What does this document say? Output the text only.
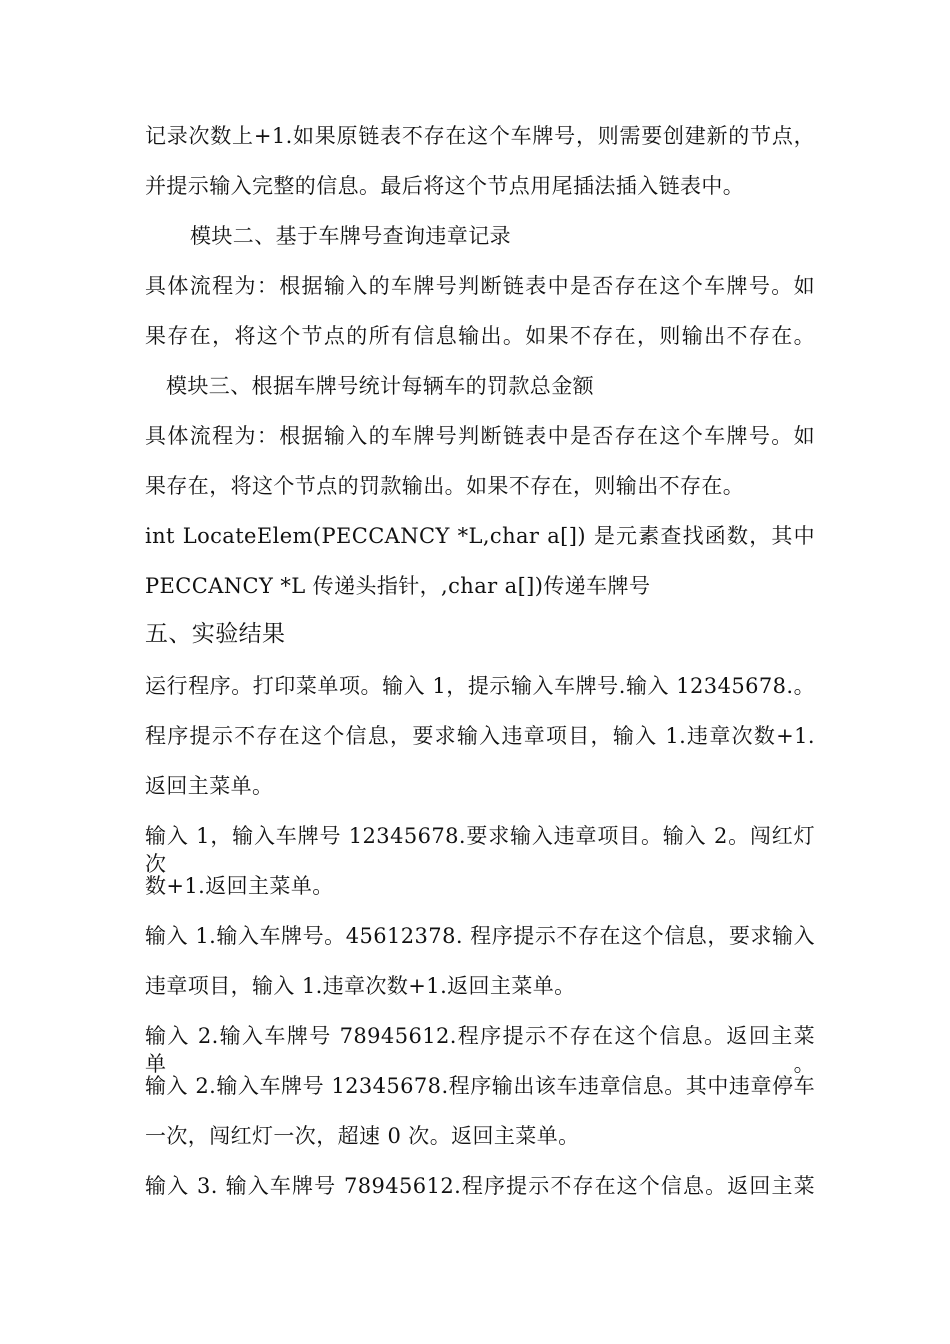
记录次数上+1.如果原链表不存在这个车牌号，则需要创建新的节点，
并提示输入完整的信息。最后将这个节点用尾插法插入链表中。
模块二、基于车牌号查询违章记录
具体流程为：根据输入的车牌号判断链表中是否存在这个车牌号。如
果存在，将这个节点的所有信息输出。如果不存在，则输出不存在。
模块三、根据车牌号统计每辆车的罚款总金额
具体流程为：根据输入的车牌号判断链表中是否存在这个车牌号。如
果存在，将这个节点的罚款输出。如果不存在，则输出不存在。
int LocateElem(PECCANCY *L,char a[]) 是元素查找函数，其中
PECCANCY *L 传递头指针，,char a[])传递车牌号
五、实验结果
运行程序。打印菜单项。输入 1，提示输入车牌号.输入 12345678.。
程序提示不存在这个信息，要求输入违章项目，输入 1.违章次数+1.
返回主菜单。
输入 1，输入车牌号 12345678.要求输入违章项目。输入 2。闯红灯次
数+1.返回主菜单。
输入 1.输入车牌号。45612378. 程序提示不存在这个信息，要求输入
违章项目，输入 1.违章次数+1.返回主菜单。
输入 2.输入车牌号 78945612.程序提示不存在这个信息。返回主菜单。
输入 2.输入车牌号 12345678.程序输出该车违章信息。其中违章停车
一次，闯红灯一次，超速 0 次。返回主菜单。
输入 3. 输入车牌号 78945612.程序提示不存在这个信息。返回主菜
